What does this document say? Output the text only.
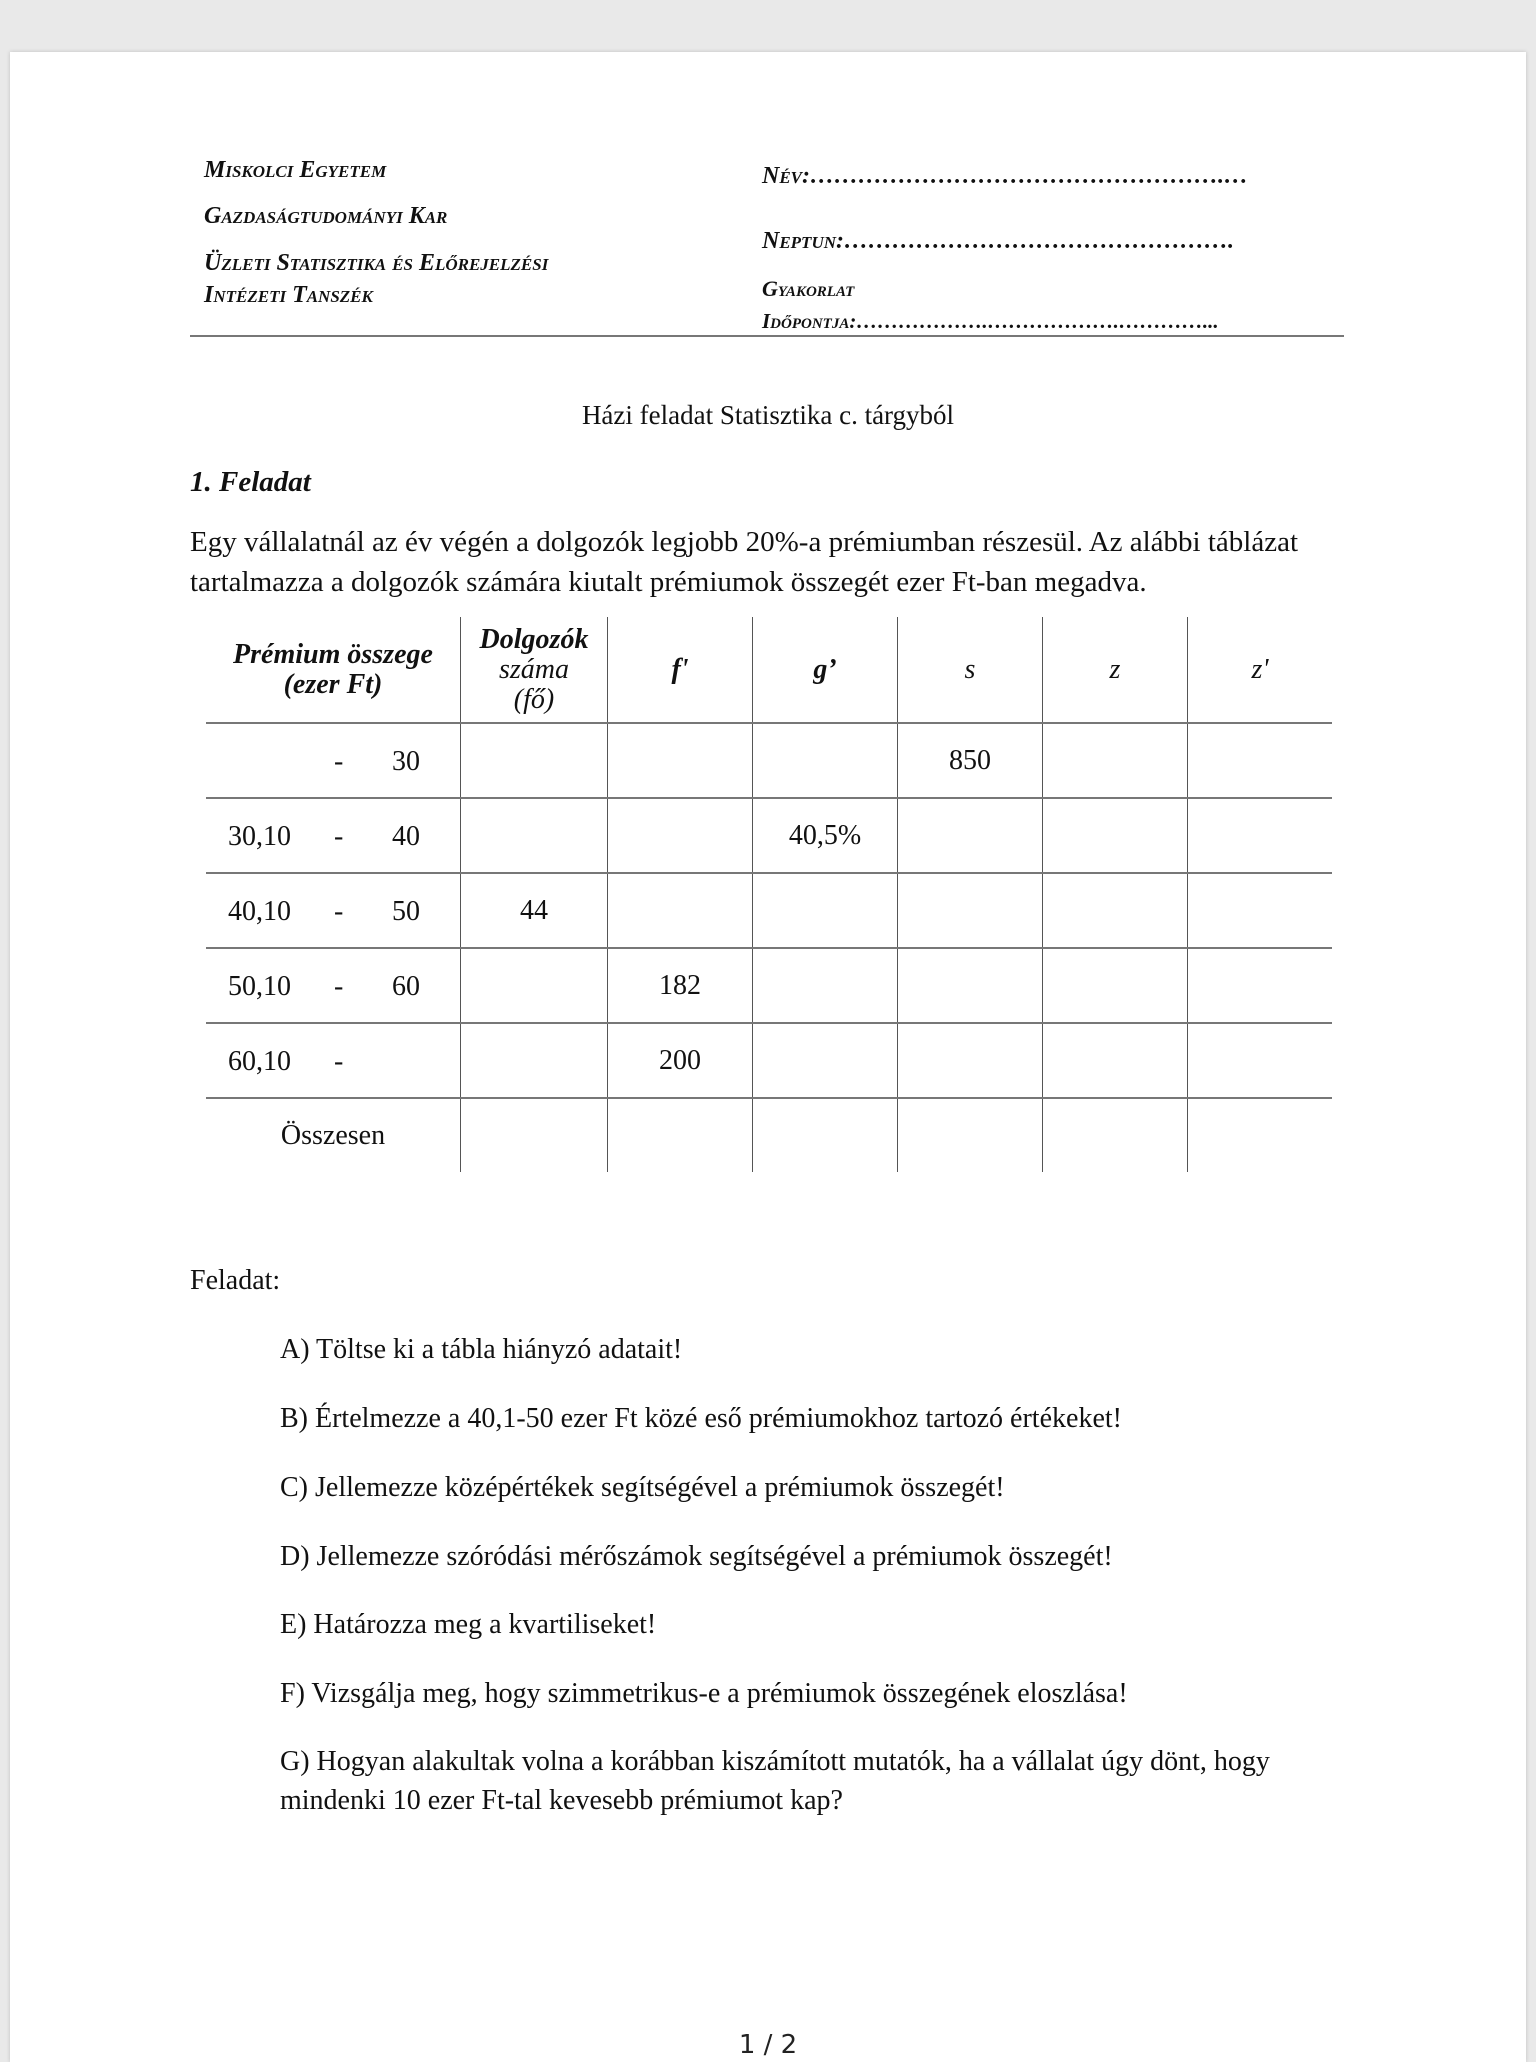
Miskolci Egyetem
Gazdaságtudományi Kar
Üzleti Statisztika és Előrejelzési
Intézeti Tanszék
Név:…………………………………………….…
Neptun:………………………………………….
Gyakorlat
Időpontja:……………….……………….…………...
Házi feladat Statisztika c. tárgyból
1. Feladat
Egy vállalatnál az év végén a dolgozók legjobb 20%-a prémiumban részesül. Az alábbi táblázat
tartalmazza a dolgozók számára kiutalt prémiumok összegét ezer Ft-ban megadva.
Prémium összege
(ezer Ft)

Dolgozók
száma
(fő)
	f'	g’	s	z	z'

- 30				850		

30,10 - 40			40,5%			

40,10 - 50	44					

50,10 - 60		182				

60,10 -		200				
Összesen						
Feladat:
A) Töltse ki a tábla hiányzó adatait!
B) Értelmezze a 40,1-50 ezer Ft közé eső prémiumokhoz tartozó értékeket!
C) Jellemezze középértékek segítségével a prémiumok összegét!
D) Jellemezze szóródási mérőszámok segítségével a prémiumok összegét!
E) Határozza meg a kvartiliseket!
F) Vizsgálja meg, hogy szimmetrikus-e a prémiumok összegének eloszlása!
G) Hogyan alakultak volna a korábban kiszámított mutatók, ha a vállalat úgy dönt, hogy mindenki 10 ezer Ft-tal kevesebb prémiumot kap?
1 / 2
